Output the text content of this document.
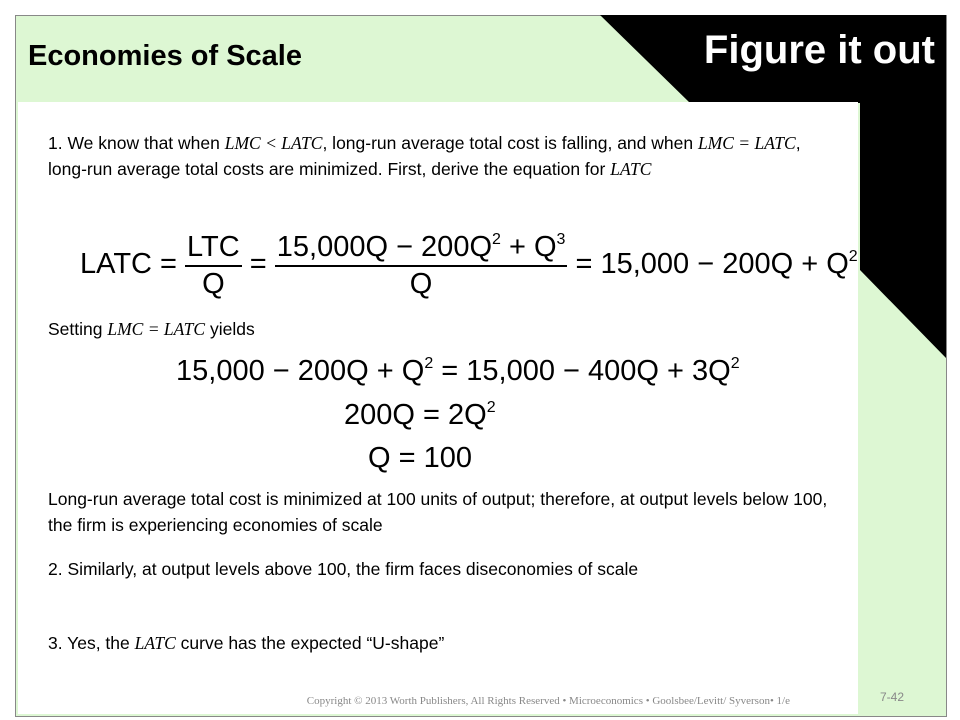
Economies of Scale	Figure it out
1. We know that when LMC < LATC, long-run average total cost is falling, and when LMC = LATC, long-run average total costs are minimized. First, derive the equation for LATC
LATC = $\frac{\text{LTC}}{Q} = \frac{15,000Q - 200Q^2 + Q^3}{Q} = 15,000 - 200Q + Q^2$
Setting LMC = LATC yields
$15,000 - 200Q + Q^2 = 15,000 - 400Q + 3Q^2$
$200Q = 2Q^2$
Q = 100
Long-run average total cost is minimized at 100 units of output; therefore, at output levels below 100, the firm is experiencing economies of scale
2. Similarly, at output levels above 100, the firm faces diseconomies of scale
3. Yes, the LATC curve has the expected “U-shape”
Copyright © 2013 Worth Publishers, All Rights Reserved • Microeconomics • Goolsbee/Levitt/ Syverson• 1/e	7-42
